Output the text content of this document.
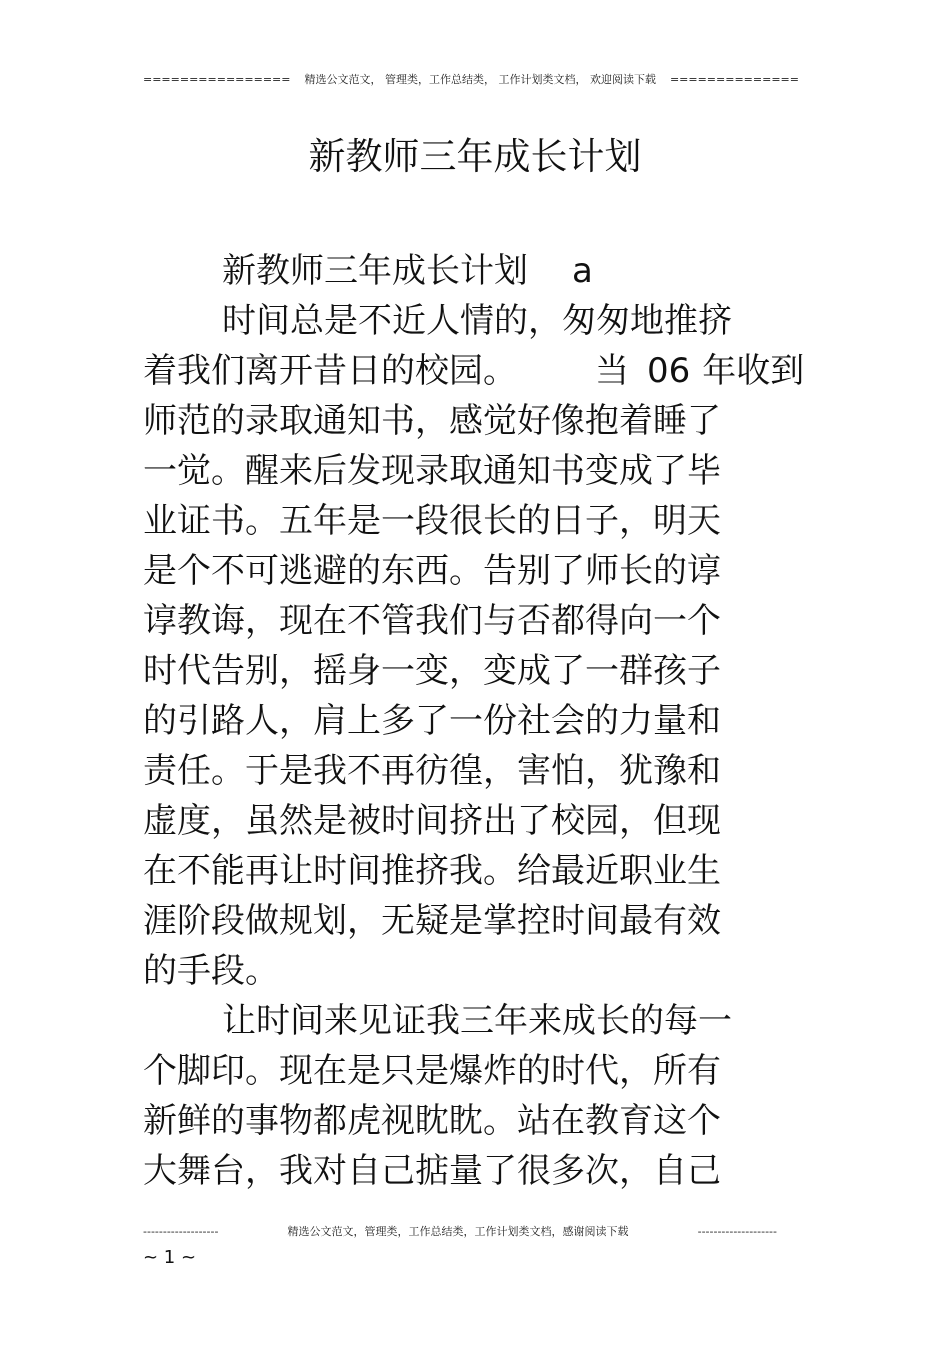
================ 精选公文范文， 管理类，工作总结类， 工作计划类文档， 欢迎阅读下载 ==============
新教师三年成长计划
新教师三年成长计划 a
时间总是不近人情的，匆匆地推挤
着我们离开昔日的校园。 当 06 年收到
师范的录取通知书，感觉好像抱着睡了
一觉。醒来后发现录取通知书变成了毕
业证书。五年是一段很长的日子，明天
是个不可逃避的东西。告别了师长的谆
谆教诲，现在不管我们与否都得向一个
时代告别，摇身一变，变成了一群孩子
的引路人，肩上多了一份社会的力量和
责任。于是我不再彷徨，害怕，犹豫和
虚度，虽然是被时间挤出了校园，但现
在不能再让时间推挤我。给最近职业生
涯阶段做规划，无疑是掌控时间最有效
的手段。
让时间来见证我三年来成长的每一
个脚印。现在是只是爆炸的时代，所有
新鲜的事物都虎视眈眈。站在教育这个
大舞台，我对自己掂量了很多次，自己
-------------------	精选公文范文，管理类，工作总结类，工作计划类文档，感谢阅读下载	--------------------
~ 1 ~
